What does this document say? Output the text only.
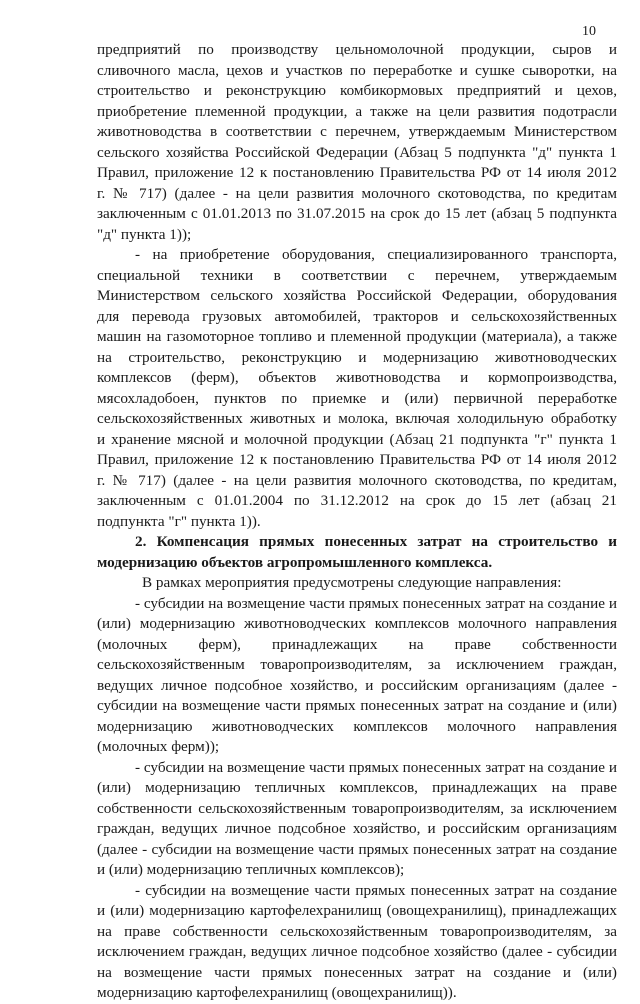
10
предприятий по производству цельномолочной продукции, сыров и
сливочного масла, цехов и участков по переработке и сушке сыворотки, на
строительство и реконструкцию комбикормовых предприятий и цехов,
приобретение племенной продукции, а также на цели развития подотрасли
животноводства в соответствии с перечнем, утверждаемым Министерством
сельского хозяйства Российской Федерации (Абзац 5 подпункта "д" пункта 1
Правил, приложение 12 к постановлению Правительства РФ от 14 июля 2012
г. № 717) (далее - на цели развития молочного скотоводства, по кредитам
заключенным с 01.01.2013 по 31.07.2015 на срок до 15 лет (абзац 5 подпункта
"д" пункта 1));
- на приобретение оборудования, специализированного транспорта,
специальной техники в соответствии с перечнем, утверждаемым
Министерством сельского хозяйства Российской Федерации, оборудования
для перевода грузовых автомобилей, тракторов и сельскохозяйственных
машин на газомоторное топливо и племенной продукции (материала), а также
на строительство, реконструкцию и модернизацию животноводческих
комплексов (ферм), объектов животноводства и кормопроизводства,
мясохладобоен, пунктов по приемке и (или) первичной переработке
сельскохозяйственных животных и молока, включая холодильную обработку
и хранение мясной и молочной продукции (Абзац 21 подпункта "г" пункта 1
Правил, приложение 12 к постановлению Правительства РФ от 14 июля 2012
г. № 717) (далее - на цели развития молочного скотоводства, по кредитам,
заключенным с 01.01.2004 по 31.12.2012 на срок до 15 лет (абзац 21
подпункта "г" пункта 1)).
2. Компенсация прямых понесенных затрат на строительство и
модернизацию объектов агропромышленного комплекса.
В рамках мероприятия предусмотрены следующие направления:
- субсидии на возмещение части прямых понесенных затрат на создание и
(или) модернизацию животноводческих комплексов молочного направления
(молочных ферм), принадлежащих на праве собственности
сельскохозяйственным товаропроизводителям, за исключением граждан,
ведущих личное подсобное хозяйство, и российским организациям (далее -
субсидии на возмещение части прямых понесенных затрат на создание и (или)
модернизацию животноводческих комплексов молочного направления
(молочных ферм));
- субсидии на возмещение части прямых понесенных затрат на создание и
(или) модернизацию тепличных комплексов, принадлежащих на праве
собственности сельскохозяйственным товаропроизводителям, за исключением
граждан, ведущих личное подсобное хозяйство, и российским организациям
(далее - субсидии на возмещение части прямых понесенных затрат на создание
и (или) модернизацию тепличных комплексов);
- субсидии на возмещение части прямых понесенных затрат на создание
и (или) модернизацию картофелехранилищ (овощехранилищ), принадлежащих
на праве собственности сельскохозяйственным товаропроизводителям, за
исключением граждан, ведущих личное подсобное хозяйство (далее - субсидии
на возмещение части прямых понесенных затрат на создание и (или)
модернизацию картофелехранилищ (овощехранилищ)).
